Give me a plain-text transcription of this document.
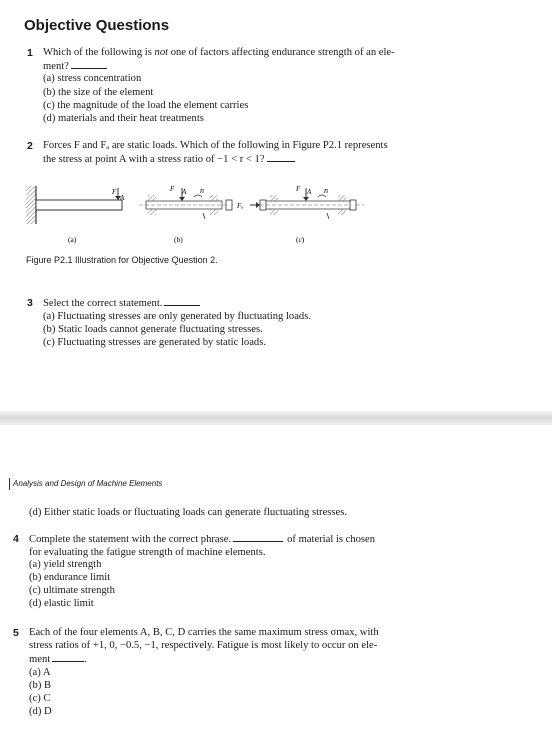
Objective Questions
1 Which of the following is not one of factors affecting endurance strength of an ele-
ment?
(a) stress concentration
(b) the size of the element
(c) the magnitude of the load the element carries
(d) materials and their heat treatments
2 Forces F and Fₐ are static loads. Which of the following in Figure P2.1 represents
the stress at point A with a stress ratio of −1 < r < 1?
F
A
F A n
Fₐ
F A n
(a)	(b)	(c)
Figure P2.1 Illustration for Objective Question 2.
3 Select the correct statement.
(a) Fluctuating stresses are only generated by fluctuating loads.
(b) Static loads cannot generate fluctuating stresses.
(c) Fluctuating stresses are generated by static loads.
Analysis and Design of Machine Elements
(d) Either static loads or fluctuating loads can generate fluctuating stresses.
4 Complete the statement with the correct phrase.	of material is chosen
for evaluating the fatigue strength of machine elements.
(a) yield strength
(b) endurance limit
(c) ultimate strength
(d) elastic limit
5 Each of the four elements A, B, C, D carries the same maximum stress σmax, with
stress ratios of +1, 0, −0.5, −1, respectively. Fatigue is most likely to occur on ele-
ment	.
(a) A
(b) B
(c) C
(d) D
